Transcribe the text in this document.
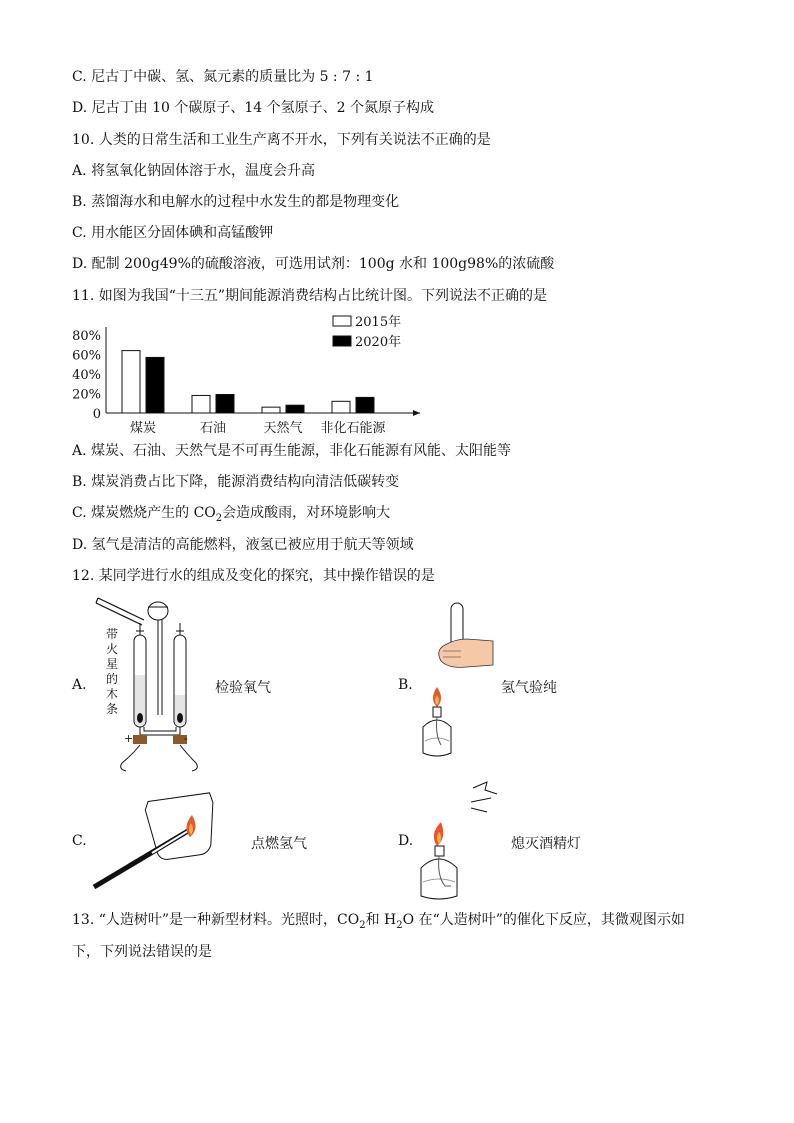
C. 尼古丁中碳、氢、氮元素的质量比为 5 : 7 : 1
D. 尼古丁由 10 个碳原子、14 个氢原子、2 个氮原子构成
10. 人类的日常生活和工业生产离不开水，下列有关说法不正确的是
A. 将氢氧化钠固体溶于水，温度会升高
B. 蒸馏海水和电解水的过程中水发生的都是物理变化
C. 用水能区分固体碘和高锰酸钾
D. 配制 200g49%的硫酸溶液，可选用试剂：100g 水和 100g98%的浓硫酸
11. 如图为我国“十三五”期间能源消费结构占比统计图。下列说法不正确的是
0
20%
40%
60%
80%
煤炭	石油	天然气 非化石能源
2015年
2020年
A. 煤炭、石油、天然气是不可再生能源，非化石能源有风能、太阳能等
B. 煤炭消费占比下降，能源消费结构向清洁低碳转变
C. 煤炭燃烧产生的 $CO_2$会造成酸雨，对环境影响大
D. 氢气是清洁的高能燃料，液氢已被应用于航天等领域
12. 某同学进行水的组成及变化的探究，其中操作错误的是
A.
+	-
带
火
星
的
木
条
检验氧气	B.	氢气验纯
C.	点燃氢气	D.	熄灭酒精灯
13. “人造树叶”是一种新型材料。光照时，$CO_2$和 $H_2O$ 在“人造树叶”的催化下反应，其微观图示如
下，下列说法错误的是
